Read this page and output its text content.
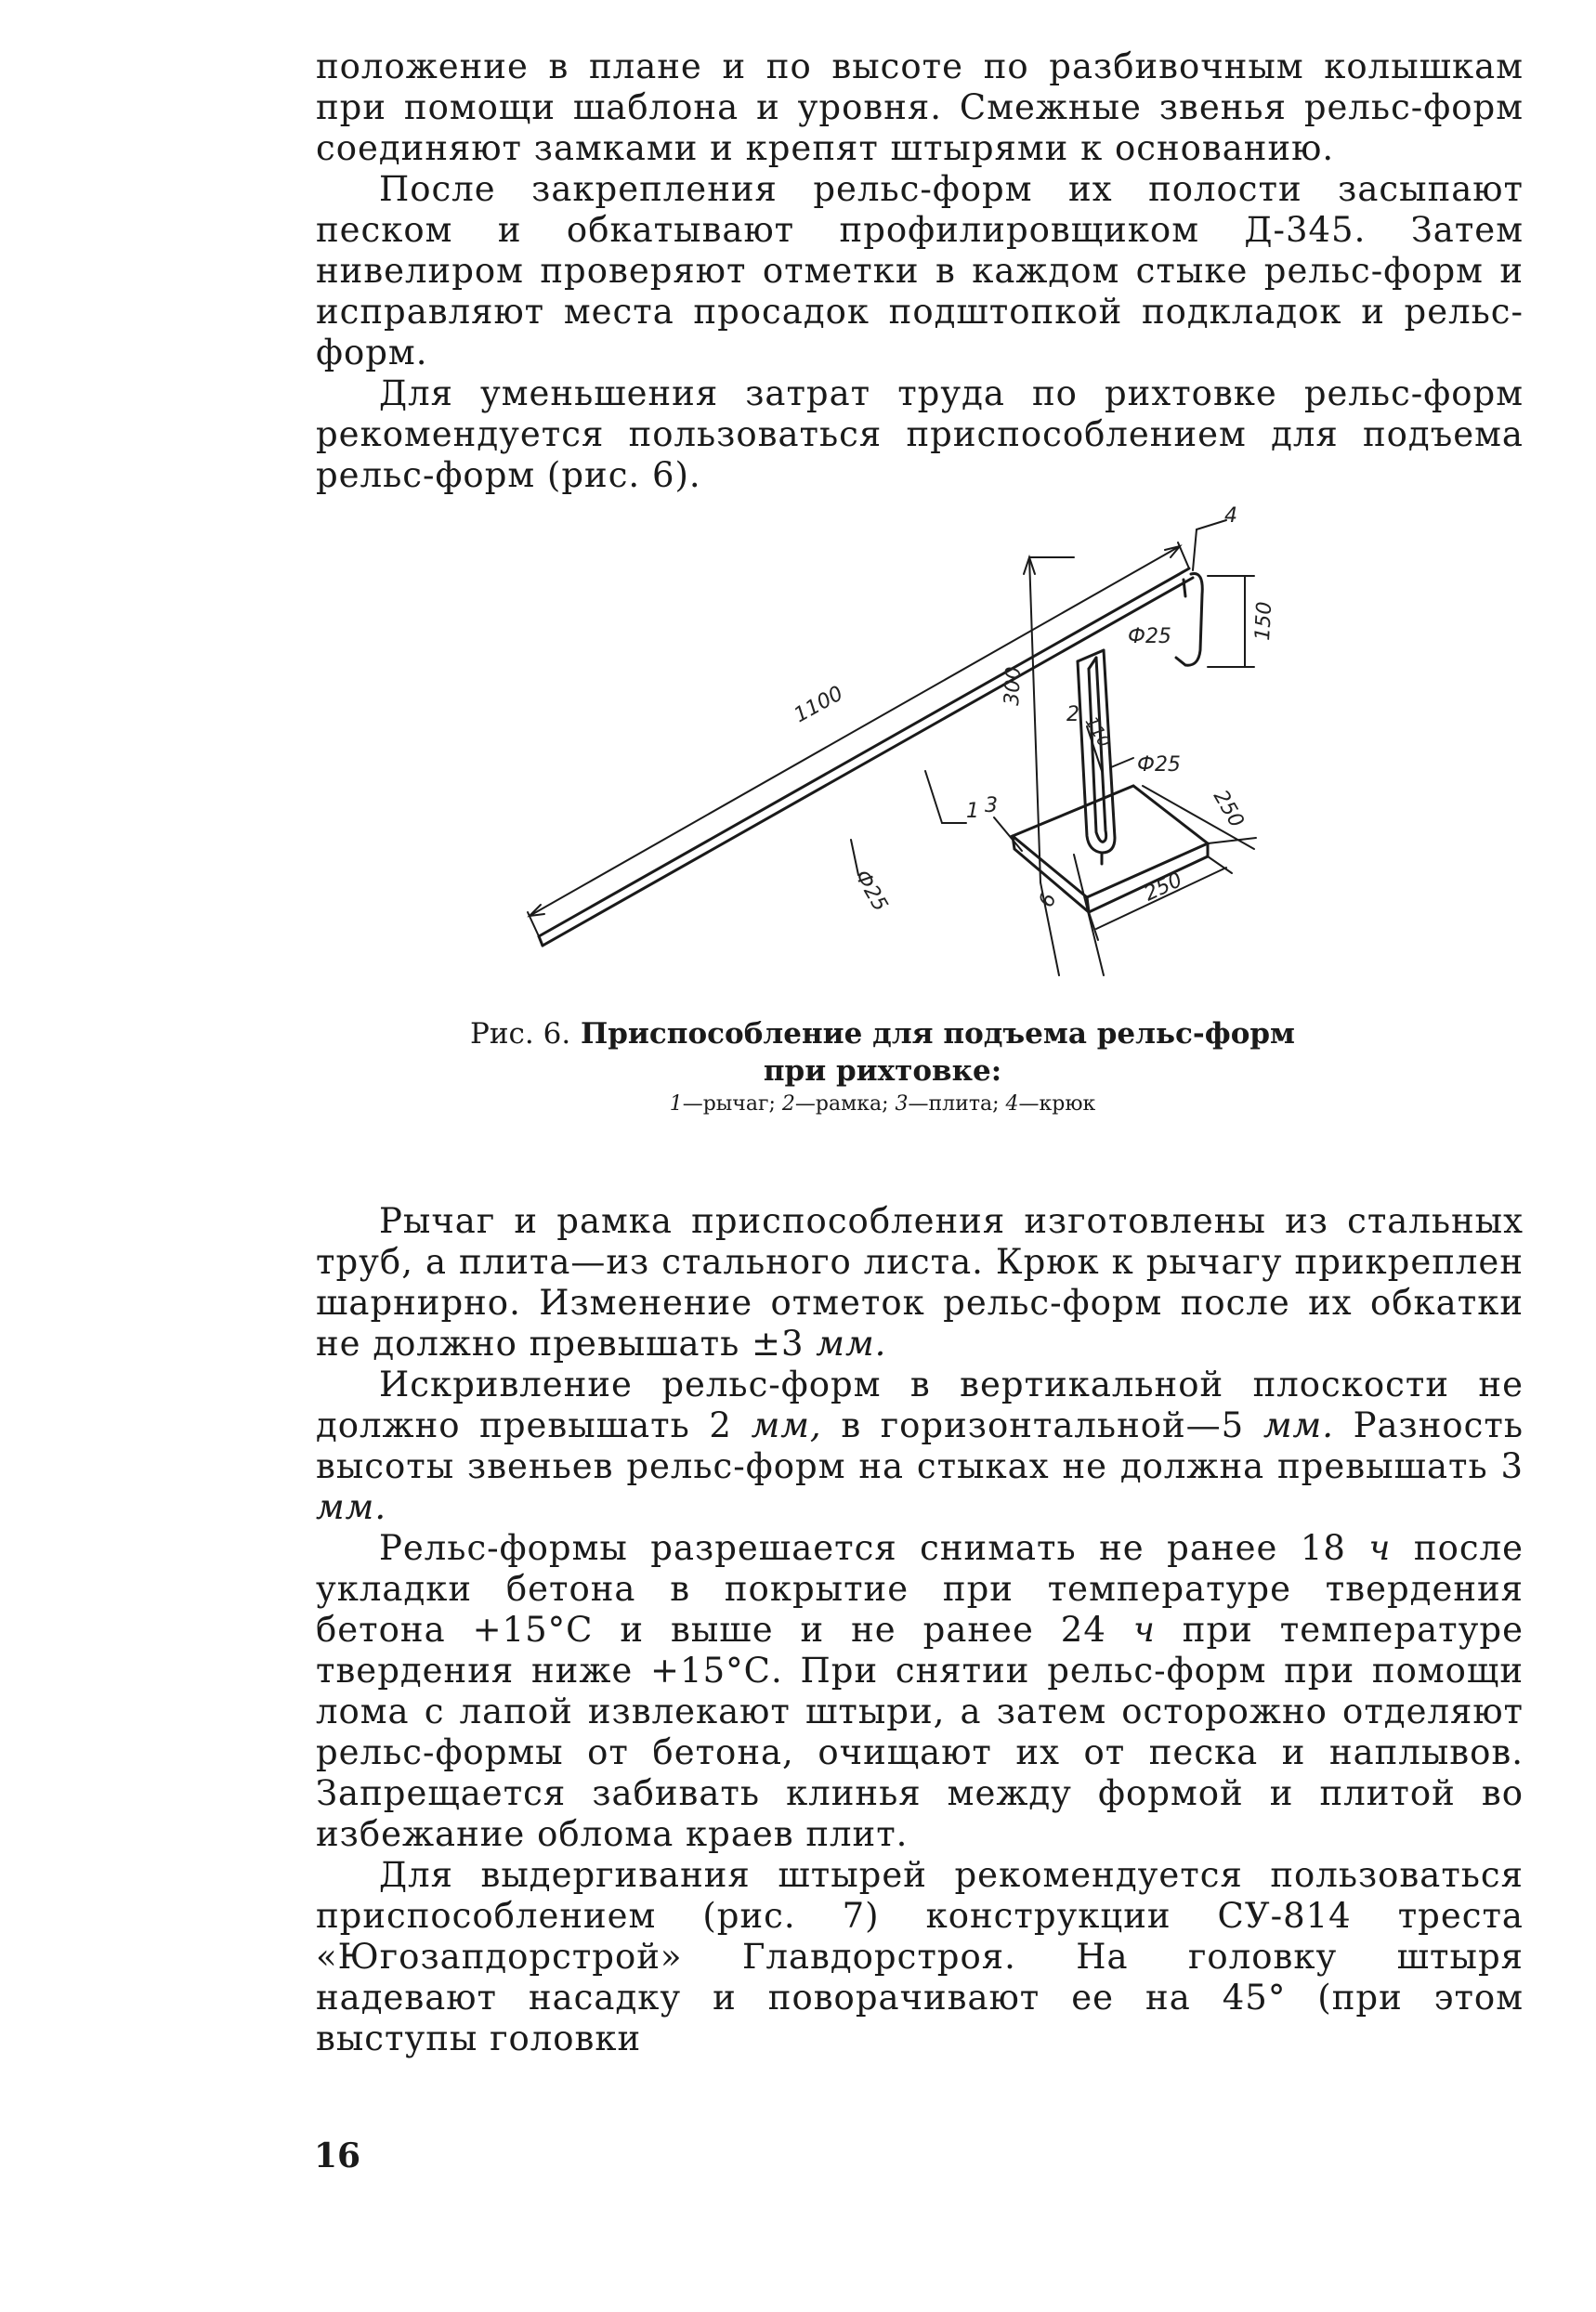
положение в плане и по высоте по разбивочным колышкам при помощи шаблона и уровня. Смежные звенья рельс-форм соединяют замками и крепят штырями к основанию.

После закрепления рельс-форм их полости засыпают песком и обкатывают профилировщиком Д-345. Затем нивелиром проверяют отметки в каждом стыке рельс-форм и исправляют места просадок подштопкой подкладок и рельс-форм.

Для уменьшения затрат труда по рихтовке рельс-форм рекомендуется пользоваться приспособлением для подъема рельс-форм (рис. 6).

1100
Ф25
Ф25
Ф25
300
150
110
250
250
6
1
2
3
4
Рис. 6. Приспособление для подъема рельс-форм при рихтовке:
1—рычаг; 2—рамка; 3—плита; 4—крюк

Рычаг и рамка приспособления изготовлены из стальных труб, а плита—из стального листа. Крюк к рычагу прикреплен шарнирно. Изменение отметок рельс-форм после их обкатки не должно превышать ±3 мм.

Искривление рельс-форм в вертикальной плоскости не должно превышать 2 мм, в горизонтальной—5 мм. Разность высоты звеньев рельс-форм на стыках не должна превышать 3 мм.

Рельс-формы разрешается снимать не ранее 18 ч после укладки бетона в покрытие при температуре твердения бетона +15°С и выше и не ранее 24 ч при температуре твердения ниже +15°С. При снятии рельс-форм при помощи лома с лапой извлекают штыри, а затем осторожно отделяют рельс-формы от бетона, очищают их от песка и наплывов. Запрещается забивать клинья между формой и плитой во избежание облома краев плит.

Для выдергивания штырей рекомендуется пользоваться приспособлением (рис. 7) конструкции СУ-814 треста «Югозапдорстрой» Главдорстроя. На головку штыря надевают насадку и поворачивают ее на 45° (при этом выступы головки

16
